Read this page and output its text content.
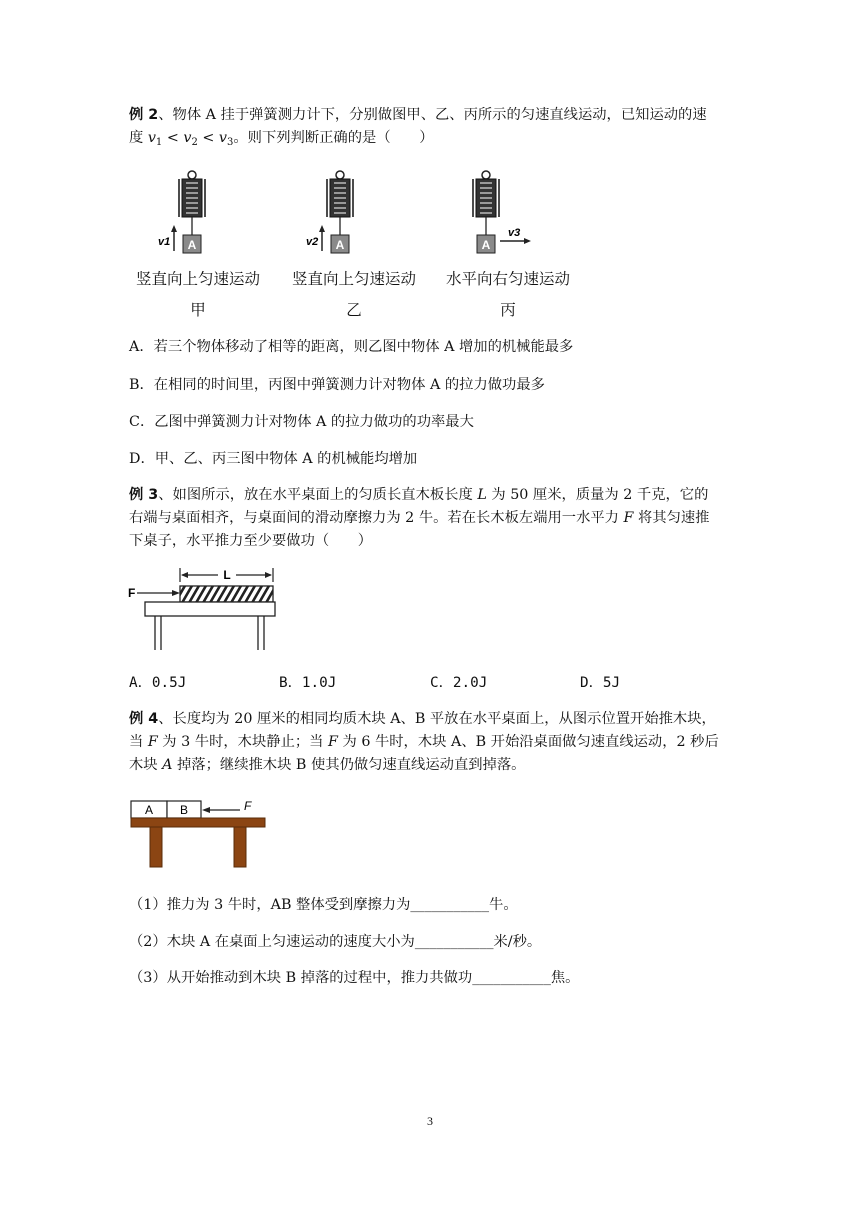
例 2、物体 A 挂于弹簧测力计下，分别做图甲、乙、丙所示的匀速直线运动，已知运动的速
度 $v_1 < v_2 < v_3$。则下列判断正确的是（　　）
A
v1	A
v2	A
v3
竖直向上匀速运动	竖直向上匀速运动	水平向右匀速运动
甲	乙	丙
A．若三个物体移动了相等的距离，则乙图中物体 A 增加的机械能最多
B．在相同的时间里，丙图中弹簧测力计对物体 A 的拉力做功最多
C．乙图中弹簧测力计对物体 A 的拉力做功的功率最大
D．甲、乙、丙三图中物体 A 的机械能均增加
例 3、如图所示，放在水平桌面上的匀质长直木板长度 L 为 50 厘米，质量为 2 千克，它的
右端与桌面相齐，与桌面间的滑动摩擦力为 2 牛。若在长木板左端用一水平力 F 将其匀速推
下桌子，水平推力至少要做功（　　）
L
F
A．0.5J	B．1.0J	C．2.0J	D．5J
例 4、长度均为 20 厘米的相同均质木块 A、B 平放在水平桌面上，从图示位置开始推木块，
当 F 为 3 牛时，木块静止；当 F 为 6 牛时，木块 A、B 开始沿桌面做匀速直线运动，2 秒后
木块 A 掉落；继续推木块 B 使其仍做匀速直线运动直到掉落。
A B	F
（1）推力为 3 牛时，AB 整体受到摩擦力为___________牛。
（2）木块 A 在桌面上匀速运动的速度大小为___________米/秒。
（3）从开始推动到木块 B 掉落的过程中，推力共做功___________焦。
3
